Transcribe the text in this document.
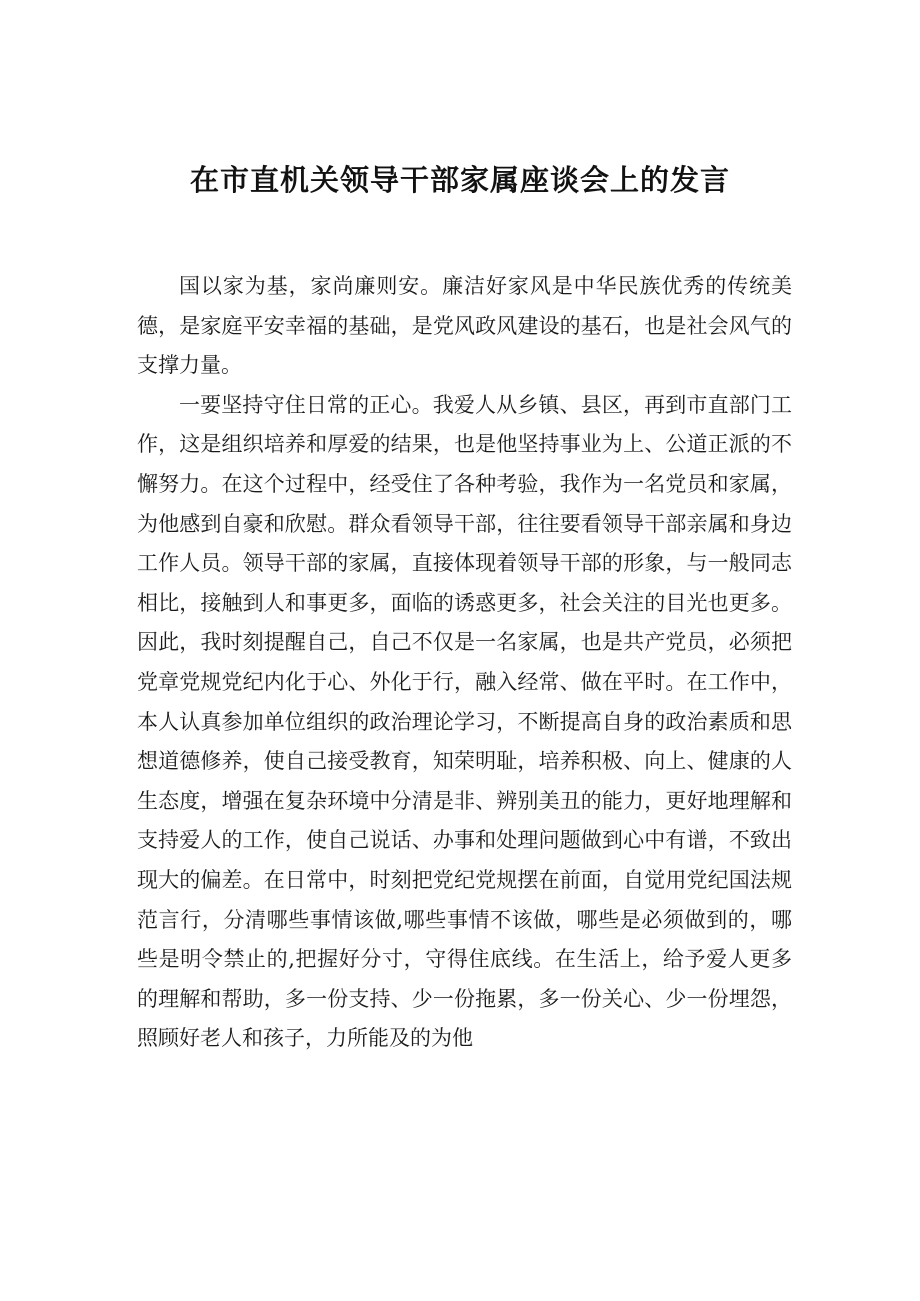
在市直机关领导干部家属座谈会上的发言

国以家为基，家尚廉则安。廉洁好家风是中华民族优秀的传统美德，是家庭平安幸福的基础，是党风政风建设的基石，也是社会风气的支撑力量。

一要坚持守住日常的正心。我爱人从乡镇、县区，再到市直部门工作，这是组织培养和厚爱的结果，也是他坚持事业为上、公道正派的不懈努力。在这个过程中，经受住了各种考验，我作为一名党员和家属，为他感到自豪和欣慰。群众看领导干部，往往要看领导干部亲属和身边工作人员。领导干部的家属，直接体现着领导干部的形象，与一般同志相比，接触到人和事更多，面临的诱惑更多，社会关注的目光也更多。因此，我时刻提醒自己，自己不仅是一名家属，也是共产党员，必须把党章党规党纪内化于心、外化于行，融入经常、做在平时。在工作中，本人认真参加单位组织的政治理论学习，不断提高自身的政治素质和思想道德修养，使自己接受教育，知荣明耻，培养积极、向上、健康的人生态度，增强在复杂环境中分清是非、辨别美丑的能力，更好地理解和支持爱人的工作，使自己说话、办事和处理问题做到心中有谱，不致出现大的偏差。在日常中，时刻把党纪党规摆在前面，自觉用党纪国法规范言行，分清哪些事情该做,哪些事情不该做，哪些是必须做到的，哪些是明令禁止的,把握好分寸，守得住底线。在生活上，给予爱人更多的理解和帮助，多一份支持、少一份拖累，多一份关心、少一份埋怨，照顾好老人和孩子，力所能及的为他
